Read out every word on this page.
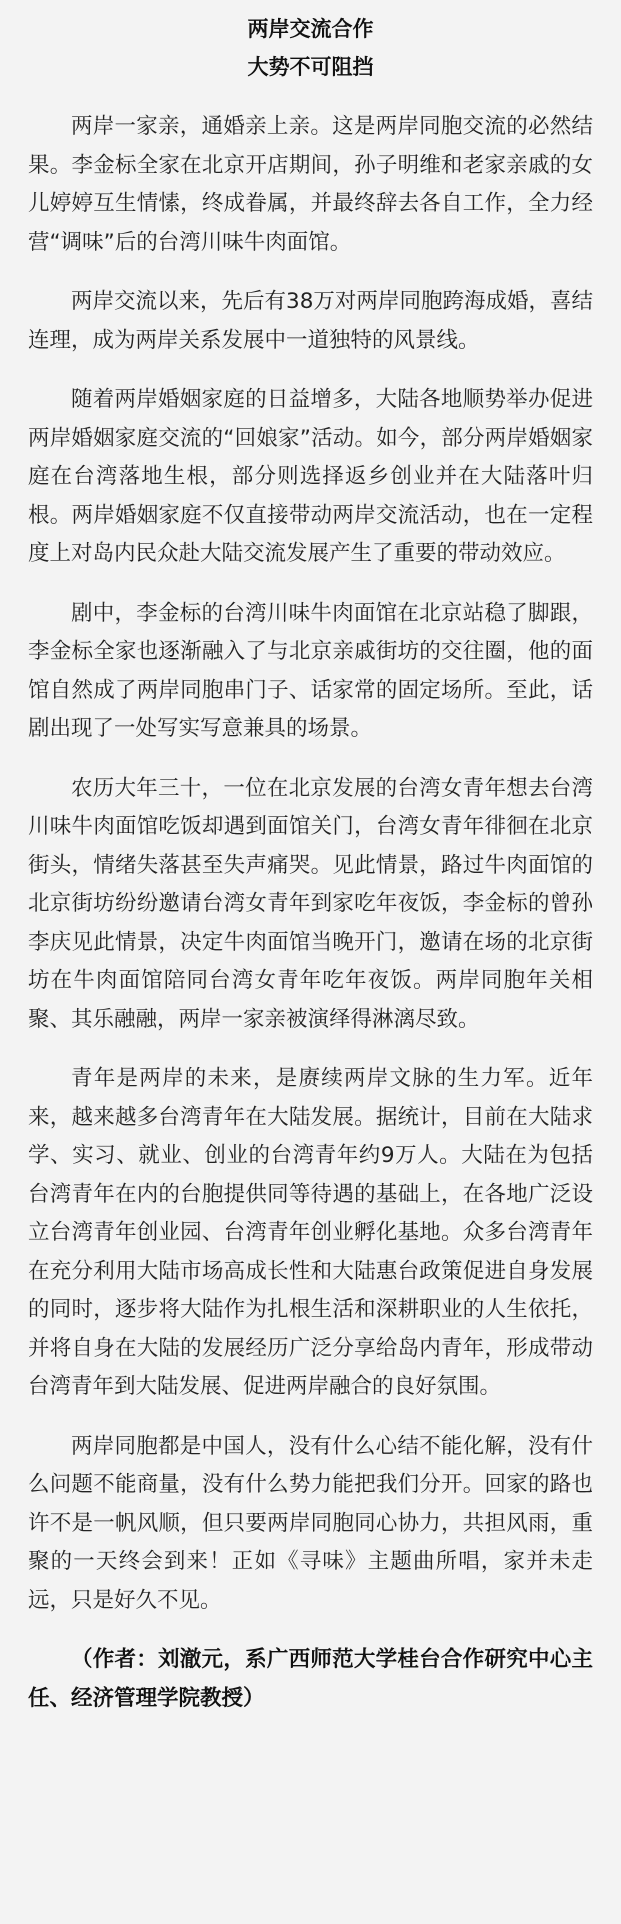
两岸交流合作
大势不可阻挡

两岸一家亲，通婚亲上亲。这是两岸同胞交流的必然结果。李金标全家在北京开店期间，孙子明维和老家亲戚的女儿婷婷互生情愫，终成眷属，并最终辞去各自工作，全力经营“调味”后的台湾川味牛肉面馆。

两岸交流以来，先后有38万对两岸同胞跨海成婚，喜结连理，成为两岸关系发展中一道独特的风景线。

随着两岸婚姻家庭的日益增多，大陆各地顺势举办促进两岸婚姻家庭交流的“回娘家”活动。如今，部分两岸婚姻家庭在台湾落地生根，部分则选择返乡创业并在大陆落叶归根。两岸婚姻家庭不仅直接带动两岸交流活动，也在一定程度上对岛内民众赴大陆交流发展产生了重要的带动效应。

剧中，李金标的台湾川味牛肉面馆在北京站稳了脚跟，李金标全家也逐渐融入了与北京亲戚街坊的交往圈，他的面馆自然成了两岸同胞串门子、话家常的固定场所。至此，话剧出现了一处写实写意兼具的场景。

农历大年三十，一位在北京发展的台湾女青年想去台湾川味牛肉面馆吃饭却遇到面馆关门，台湾女青年徘徊在北京街头，情绪失落甚至失声痛哭。见此情景，路过牛肉面馆的北京街坊纷纷邀请台湾女青年到家吃年夜饭，李金标的曾孙李庆见此情景，决定牛肉面馆当晚开门，邀请在场的北京街坊在牛肉面馆陪同台湾女青年吃年夜饭。两岸同胞年关相聚、其乐融融，两岸一家亲被演绎得淋漓尽致。

青年是两岸的未来，是赓续两岸文脉的生力军。近年来，越来越多台湾青年在大陆发展。据统计，目前在大陆求学、实习、就业、创业的台湾青年约9万人。大陆在为包括台湾青年在内的台胞提供同等待遇的基础上，在各地广泛设立台湾青年创业园、台湾青年创业孵化基地。众多台湾青年在充分利用大陆市场高成长性和大陆惠台政策促进自身发展的同时，逐步将大陆作为扎根生活和深耕职业的人生依托，并将自身在大陆的发展经历广泛分享给岛内青年，形成带动台湾青年到大陆发展、促进两岸融合的良好氛围。

两岸同胞都是中国人，没有什么心结不能化解，没有什么问题不能商量，没有什么势力能把我们分开。回家的路也许不是一帆风顺，但只要两岸同胞同心协力，共担风雨，重聚的一天终会到来！正如《寻味》主题曲所唱，家并未走远，只是好久不见。

（作者：刘澈元，系广西师范大学桂台合作研究中心主任、经济管理学院教授）
